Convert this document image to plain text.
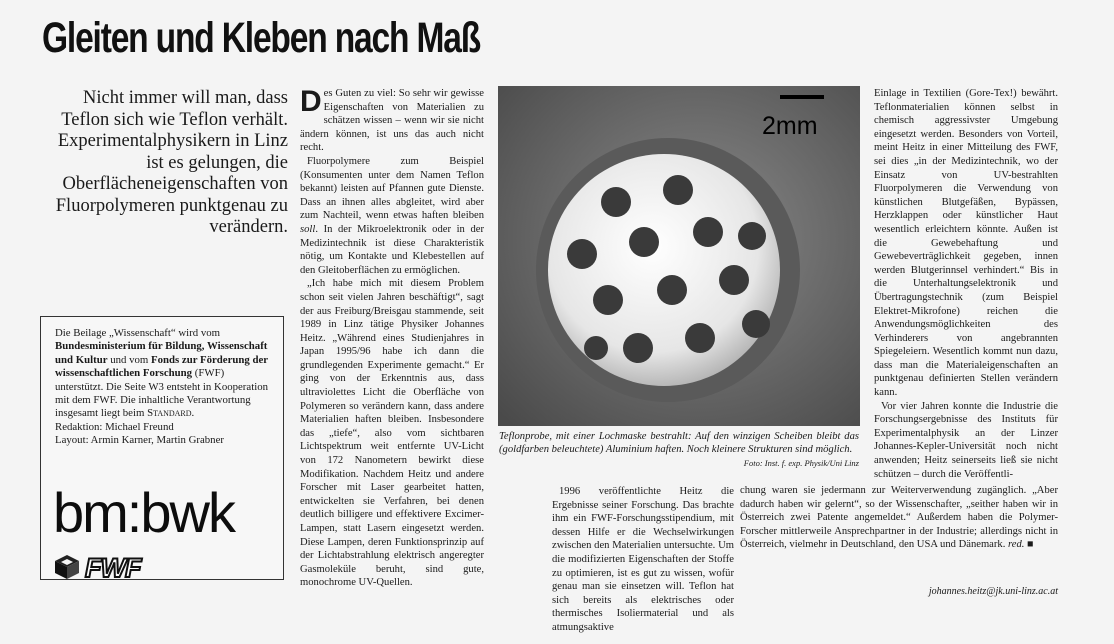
Gleiten und Kleben nach Maß
Nicht immer will man, dass Teflon sich wie Teflon verhält. Experimentalphysikern in Linz ist es gelungen, die Oberflächeneigenschaften von Fluorpolymeren punktgenau zu verändern.
Die Beilage „Wissenschaft“ wird vom Bundesministerium für Bildung, Wissenschaft und Kultur und vom Fonds zur Förderung der wissenschaftlichen Forschung (FWF) unterstützt. Die Seite W3 entsteht in Kooperation mit dem FWF. Die inhaltliche Verantwortung insgesamt liegt beim Standard.
Redaktion: Michael Freund
Layout: Armin Karner, Martin Grabner
bm:bwk
FWF

Des Guten zu viel: So sehr wir gewisse Eigenschaften von Materialien zu schätzen wissen – wenn wir sie nicht ändern können, ist uns das auch nicht recht.

Fluorpolymere zum Beispiel (Konsumenten unter dem Namen Teflon bekannt) leisten auf Pfannen gute Dienste. Dass an ihnen alles abgleitet, wird aber zum Nachteil, wenn etwas haften bleiben soll. In der Mikroelektronik oder in der Medizintechnik ist diese Charakteristik nötig, um Kontakte und Klebestellen auf den Gleitoberflächen zu ermöglichen.

„Ich habe mich mit diesem Problem schon seit vielen Jahren beschäftigt“, sagt der aus Freiburg/Breisgau stammende, seit 1989 in Linz tätige Physiker Johannes Heitz. „Während eines Studienjahres in Japan 1995/96 habe ich dann die grundlegenden Experimente gemacht.“ Er ging von der Erkenntnis aus, dass ultraviolettes Licht die Oberfläche von Polymeren so verändern kann, dass andere Materialien haften bleiben. Insbesondere das „tiefe“, also vom sichtbaren Lichtspektrum weit entfernte UV-Licht von 172 Nanometern bewirkt diese Modifikation. Nachdem Heitz und andere Forscher mit Laser gearbeitet hatten, entwickelten sie Verfahren, bei denen deutlich billigere und effektivere Excimer-Lampen, statt Lasern eingesetzt werden. Diese Lampen, deren Funktionsprinzip auf der Lichtabstrahlung elektrisch angeregter Gasmoleküle beruht, sind gute, monochrome UV-Quellen.

2mm
Teflonprobe, mit einer Lochmaske bestrahlt: Auf den winzigen Scheiben bleibt das (goldfarben beleuchtete) Aluminium haften. Noch kleinere Strukturen sind möglich.
Foto: Inst. f. exp. Physik/Uni Linz

1996 veröffentlichte Heitz die Ergebnisse seiner Forschung. Das brachte ihm ein FWF-Forschungsstipendium, mit dessen Hilfe er die Wechselwirkungen zwischen den Materialien untersuchte. Um die modifizierten Eigenschaften der Stoffe zu optimieren, ist es gut zu wissen, wofür genau man sie einsetzen will. Teflon hat sich bereits als elektrisches oder thermisches Isoliermaterial und als atmungsaktive

Einlage in Textilien (Gore-Tex!) bewährt. Teflonmaterialien können selbst in chemisch aggressivster Umgebung eingesetzt werden. Besonders von Vorteil, meint Heitz in einer Mitteilung des FWF, sei dies „in der Medizintechnik, wo der Einsatz von UV-bestrahlten Fluorpolymeren die Verwendung von künstlichen Blutgefäßen, Bypässen, Herzklappen oder künstlicher Haut wesentlich erleichtern könnte. Außen ist die Gewebehaftung und Gewebeverträglichkeit gegeben, innen werden Blutgerinnsel verhindert.“ Bis in die Unterhaltungselektronik und Übertragungstechnik (zum Beispiel Elektret-Mikrofone) reichen die Anwendungsmöglichkeiten des Verhinderers von angebrannten Spiegeleiern. Wesentlich kommt nun dazu, dass man die Materialeigenschaften an punktgenau definierten Stellen verändern kann.

Vor vier Jahren konnte die Industrie die Forschungsergebnisse des Instituts für Experimentalphysik an der Linzer Johannes-Kepler-Universität noch nicht anwenden; Heitz seinerseits ließ sie nicht schützen – durch die Veröffentli-

chung waren sie jedermann zur Weiterverwendung zugänglich. „Aber dadurch haben wir gelernt“, so der Wissenschafter, „seither haben wir in Österreich zwei Patente angemeldet.“ Außerdem haben die Polymer-Forscher mittlerweile Ansprechpartner in der Industrie; allerdings nicht in Österreich, vielmehr in Deutschland, den USA und Dänemark. red. ■

johannes.heitz@jk.uni-linz.ac.at
